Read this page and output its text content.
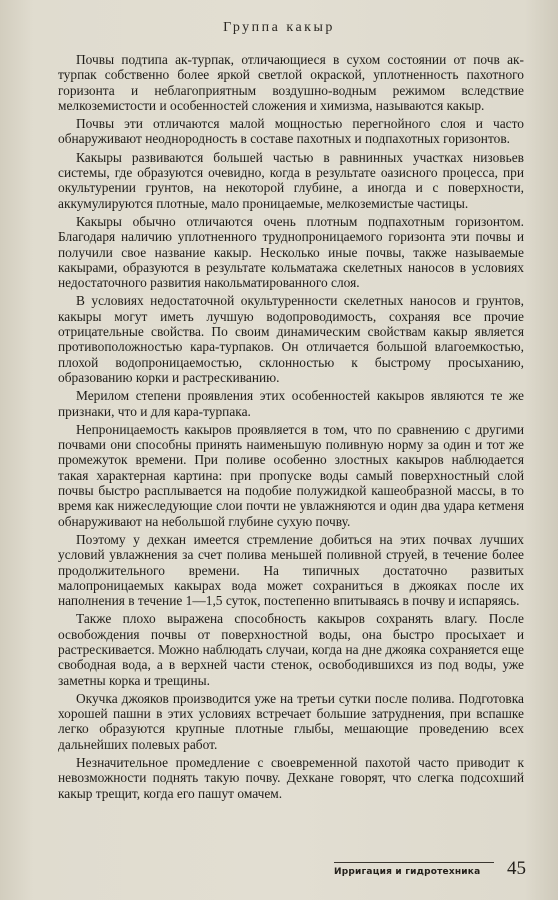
Группа какыр

Почвы подтипа ак-турпак, отличающиеся в сухом состоянии от почв ак-турпак собственно более яркой светлой окраской, уплотненность пахотного горизонта и неблагоприятным воздушно-водным режимом вследствие мелкоземистости и особенностей сложения и химизма, называются какыр.

Почвы эти отличаются малой мощностью перегнойного слоя и часто обнаруживают неоднородность в составе пахотных и подпахотных горизонтов.

Какыры развиваются большей частью в равнинных участках низовьев системы, где образуются очевидно, когда в результате оазисного процесса, при окультурении грунтов, на некоторой глубине, а иногда и с поверхности, аккумулируются плотные, мало проницаемые, мелкоземистые частицы.

Какыры обычно отличаются очень плотным подпахотным горизонтом. Благодаря наличию уплотненного труднопроницаемого горизонта эти почвы и получили свое название какыр. Несколько иные почвы, также называемые какырами, образуются в результате кольматажа скелетных наносов в условиях недостаточного развития накольматированного слоя.

В условиях недостаточной окультуренности скелетных наносов и грунтов, какыры могут иметь лучшую водопроводимость, сохраняя все прочие отрицательные свойства. По своим динамическим свойствам какыр является противоположностью кара-турпаков. Он отличается большой влагоемкостью, плохой водопроницаемостью, склонностью к быстрому просыханию, образованию корки и растрескиванию.

Мерилом степени проявления этих особенностей какыров являются те же признаки, что и для кара-турпака.

Непроницаемость какыров проявляется в том, что по сравнению с другими почвами они способны принять наименьшую поливную норму за один и тот же промежуток времени. При поливе особенно злостных какыров наблюдается такая характерная картина: при пропуске воды самый поверхностный слой почвы быстро расплывается на подобие полужидкой кашеобразной массы, в то время как нижеследующие слои почти не увлажняются и один два удара кетменя обнаруживают на небольшой глубине сухую почву.

Поэтому у дехкан имеется стремление добиться на этих почвах лучших условий увлажнения за счет полива меньшей поливной струей, в течение более продолжительного времени. На типичных достаточно развитых малопроницаемых какырах вода может сохраниться в джояках после их наполнения в течение 1—1,5 суток, постепенно впитываясь в почву и испаряясь.

Также плохо выражена способность какыров сохранять влагу. После освобождения почвы от поверхностной воды, она быстро просыхает и растрескивается. Можно наблюдать случаи, когда на дне джояка сохраняется еще свободная вода, а в верхней части стенок, освободившихся из под воды, уже заметны корка и трещины.

Окучка джояков производится уже на третьи сутки после полива. Подготовка хорошей пашни в этих условиях встречает большие затруднения, при вспашке легко образуются крупные плотные глыбы, мешающие проведению всех дальнейших полевых работ.

Незначительное промедление с своевременной пахотой часто приводит к невозможности поднять такую почву. Дехкане говорят, что слегка подсохший какыр трещит, когда его пашут омачем.

Ирригация и гидротехника 45
